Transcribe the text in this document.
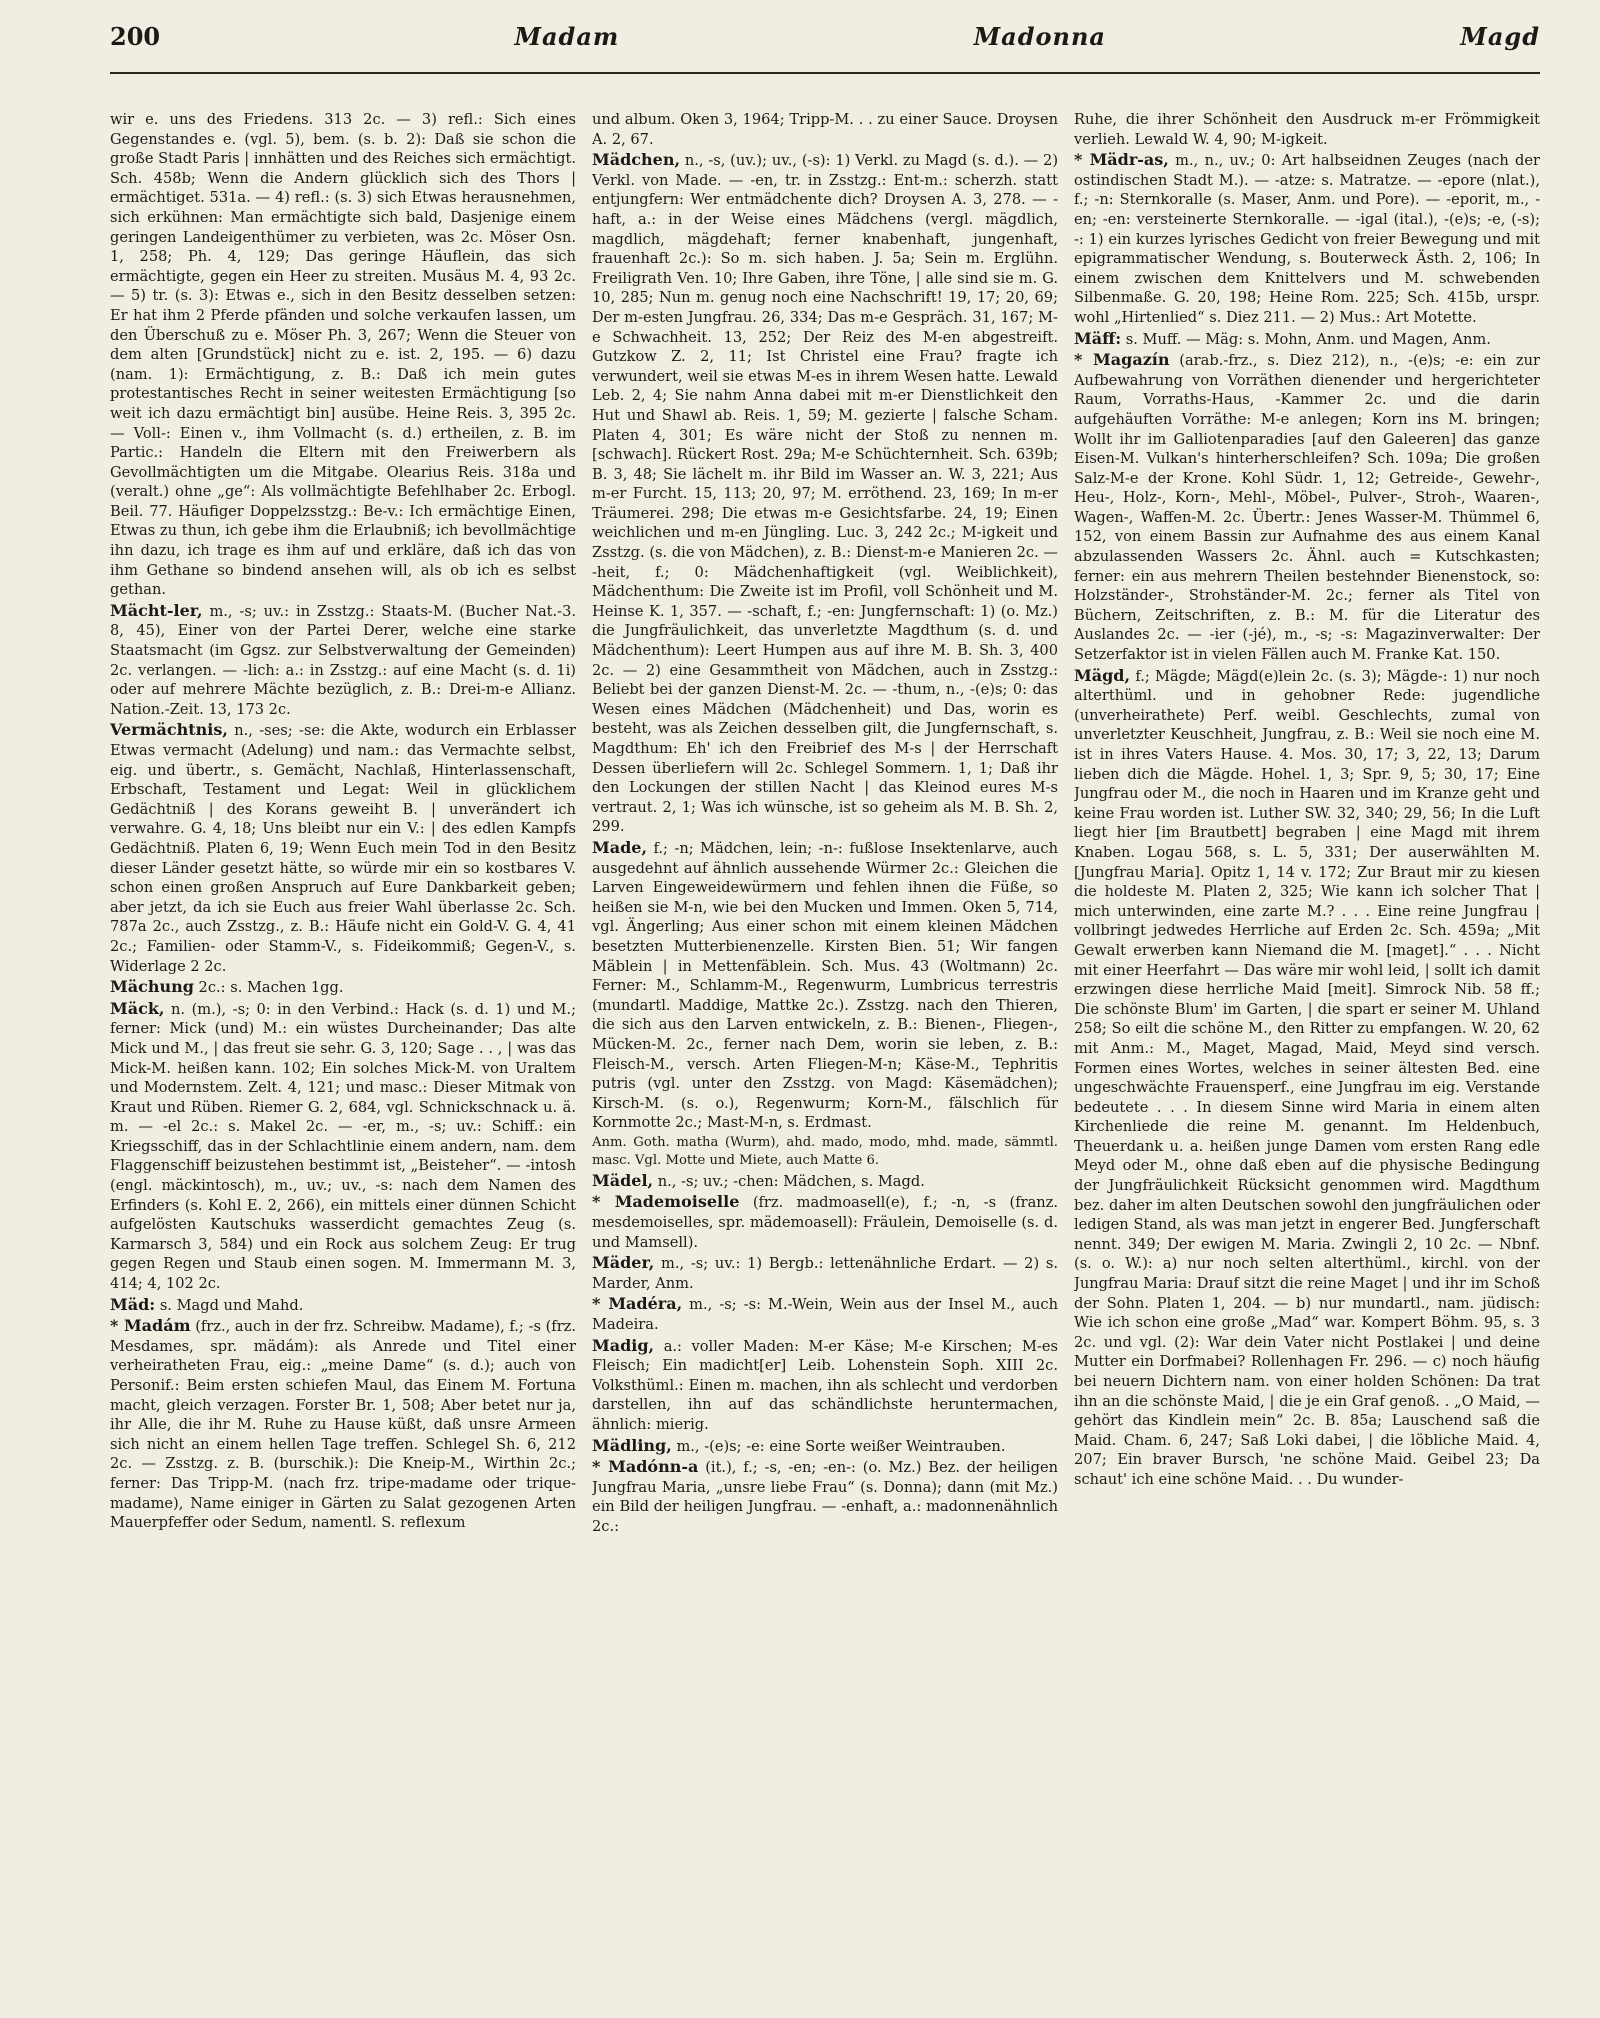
200	Madam	Madonna	Magd

wir e. uns des Friedens. 313 2c. — 3) refl.: Sich eines Gegenstandes e. (vgl. 5), bem. (s. b. 2): Daß sie schon die große Stadt Paris | innhätten und des Reiches sich ermächtigt. Sch. 458b; Wenn die Andern glücklich sich des Thors | ermächtiget. 531a. — 4) refl.: (s. 3) sich Etwas herausnehmen, sich erkühnen: Man ermächtigte sich bald, Dasjenige einem geringen Landeigenthümer zu verbieten, was 2c. Möser Osn. 1, 258; Ph. 4, 129; Das geringe Häuflein, das sich ermächtigte, gegen ein Heer zu streiten. Musäus M. 4, 93 2c. — 5) tr. (s. 3): Etwas e., sich in den Besitz desselben setzen: Er hat ihm 2 Pferde pfänden und solche verkaufen lassen, um den Überschuß zu e. Möser Ph. 3, 267; Wenn die Steuer von dem alten [Grundstück] nicht zu e. ist. 2, 195. — 6) dazu (nam. 1): Ermächtigung, z. B.: Daß ich mein gutes protestantisches Recht in seiner weitesten Ermächtigung [so weit ich dazu ermächtigt bin] ausübe. Heine Reis. 3, 395 2c. — Voll-: Einen v., ihm Vollmacht (s. d.) ertheilen, z. B. im Partic.: Handeln die Eltern mit den Freiwerbern als Gevollmächtigten um die Mitgabe. Olearius Reis. 318a und (veralt.) ohne „ge“: Als vollmächtigte Befehlhaber 2c. Erbogl. Beil. 77. Häufiger Doppelzsstzg.: Be-v.: Ich ermächtige Einen, Etwas zu thun, ich gebe ihm die Erlaubniß; ich bevollmächtige ihn dazu, ich trage es ihm auf und erkläre, daß ich das von ihm Gethane so bindend ansehen will, als ob ich es selbst gethan.

Mächt-ler, m., -s; uv.: in Zsstzg.: Staats-M. (Bucher Nat.-3. 8, 45), Einer von der Partei Derer, welche eine starke Staatsmacht (im Ggsz. zur Selbstverwaltung der Gemeinden) 2c. verlangen. — -lich: a.: in Zsstzg.: auf eine Macht (s. d. 1i) oder auf mehrere Mächte bezüglich, z. B.: Drei-m-e Allianz. Nation.-Zeit. 13, 173 2c.

Vermächtnis, n., -ses; -se: die Akte, wodurch ein Erblasser Etwas vermacht (Adelung) und nam.: das Vermachte selbst, eig. und übertr., s. Gemächt, Nachlaß, Hinterlassenschaft, Erbschaft, Testament und Legat: Weil in glücklichem Gedächtniß | des Korans geweiht B. | unverändert ich verwahre. G. 4, 18; Uns bleibt nur ein V.: | des edlen Kampfs Gedächtniß. Platen 6, 19; Wenn Euch mein Tod in den Besitz dieser Länder gesetzt hätte, so würde mir ein so kostbares V. schon einen großen Anspruch auf Eure Dankbarkeit geben; aber jetzt, da ich sie Euch aus freier Wahl überlasse 2c. Sch. 787a 2c., auch Zsstzg., z. B.: Häufe nicht ein Gold-V. G. 4, 41 2c.; Familien- oder Stamm-V., s. Fideikommiß; Gegen-V., s. Widerlage 2 2c.

Mächung 2c.: s. Machen 1gg.

Mäck, n. (m.), -s; 0: in den Verbind.: Hack (s. d. 1) und M.; ferner: Mick (und) M.: ein wüstes Durcheinander; Das alte Mick und M., | das freut sie sehr. G. 3, 120; Sage . . , | was das Mick-M. heißen kann. 102; Ein solches Mick-M. von Uraltem und Modernstem. Zelt. 4, 121; und masc.: Dieser Mitmak von Kraut und Rüben. Riemer G. 2, 684, vgl. Schnickschnack u. ä. m. — -el 2c.: s. Makel 2c. — -er, m., -s; uv.: Schiff.: ein Kriegsschiff, das in der Schlachtlinie einem andern, nam. dem Flaggenschiff beizustehen bestimmt ist, „Beisteher“. — -intosh (engl. mäckintosch), m., uv.; uv., -s: nach dem Namen des Erfinders (s. Kohl E. 2, 266), ein mittels einer dünnen Schicht aufgelösten Kautschuks wasserdicht gemachtes Zeug (s. Karmarsch 3, 584) und ein Rock aus solchem Zeug: Er trug gegen Regen und Staub einen sogen. M. Immermann M. 3, 414; 4, 102 2c.

Mäd: s. Magd und Mahd.

* Madám (frz., auch in der frz. Schreibw. Madame), f.; -s (frz. Mesdames, spr. mädám): als Anrede und Titel einer verheiratheten Frau, eig.: „meine Dame“ (s. d.); auch von Personif.: Beim ersten schiefen Maul, das Einem M. Fortuna macht, gleich verzagen. Forster Br. 1, 508; Aber betet nur ja, ihr Alle, die ihr M. Ruhe zu Hause küßt, daß unsre Armeen sich nicht an einem hellen Tage treffen. Schlegel Sh. 6, 212 2c. — Zsstzg. z. B. (burschik.): Die Kneip-M., Wirthin 2c.; ferner: Das Tripp-M. (nach frz. tripe-madame oder trique-madame), Name einiger in Gärten zu Salat gezogenen Arten Mauerpfeffer oder Sedum, namentl. S. reflexum

und album. Oken 3, 1964; Tripp-M. . . zu einer Sauce. Droysen A. 2, 67.

Mädchen, n., -s, (uv.); uv., (-s): 1) Verkl. zu Magd (s. d.). — 2) Verkl. von Made. — -en, tr. in Zsstzg.: Ent-m.: scherzh. statt entjungfern: Wer entmädchente dich? Droysen A. 3, 278. — -haft, a.: in der Weise eines Mädchens (vergl. mägdlich, magdlich, mägdehaft; ferner knabenhaft, jungenhaft, frauenhaft 2c.): So m. sich haben. J. 5a; Sein m. Erglühn. Freiligrath Ven. 10; Ihre Gaben, ihre Töne, | alle sind sie m. G. 10, 285; Nun m. genug noch eine Nachschrift! 19, 17; 20, 69; Der m-esten Jungfrau. 26, 334; Das m-e Gespräch. 31, 167; M-e Schwachheit. 13, 252; Der Reiz des M-en abgestreift. Gutzkow Z. 2, 11; Ist Christel eine Frau? fragte ich verwundert, weil sie etwas M-es in ihrem Wesen hatte. Lewald Leb. 2, 4; Sie nahm Anna dabei mit m-er Dienstlichkeit den Hut und Shawl ab. Reis. 1, 59; M. gezierte | falsche Scham. Platen 4, 301; Es wäre nicht der Stoß zu nennen m. [schwach]. Rückert Rost. 29a; M-e Schüchternheit. Sch. 639b; B. 3, 48; Sie lächelt m. ihr Bild im Wasser an. W. 3, 221; Aus m-er Furcht. 15, 113; 20, 97; M. erröthend. 23, 169; In m-er Träumerei. 298; Die etwas m-e Gesichtsfarbe. 24, 19; Einen weichlichen und m-en Jüngling. Luc. 3, 242 2c.; M-igkeit und Zsstzg. (s. die von Mädchen), z. B.: Dienst-m-e Manieren 2c. — -heit, f.; 0: Mädchenhaftigkeit (vgl. Weiblichkeit), Mädchenthum: Die Zweite ist im Profil, voll Schönheit und M. Heinse K. 1, 357. — -schaft, f.; -en: Jungfernschaft: 1) (o. Mz.) die Jungfräulichkeit, das unverletzte Magdthum (s. d. und Mädchenthum): Leert Humpen aus auf ihre M. B. Sh. 3, 400 2c. — 2) eine Gesammtheit von Mädchen, auch in Zsstzg.: Beliebt bei der ganzen Dienst-M. 2c. — -thum, n., -(e)s; 0: das Wesen eines Mädchen (Mädchenheit) und Das, worin es besteht, was als Zeichen desselben gilt, die Jungfernschaft, s. Magdthum: Eh' ich den Freibrief des M-s | der Herrschaft Dessen überliefern will 2c. Schlegel Sommern. 1, 1; Daß ihr den Lockungen der stillen Nacht | das Kleinod eures M-s vertraut. 2, 1; Was ich wünsche, ist so geheim als M. B. Sh. 2, 299.

Made, f.; -n; Mädchen, lein; -n-: fußlose Insektenlarve, auch ausgedehnt auf ähnlich aussehende Würmer 2c.: Gleichen die Larven Eingeweidewürmern und fehlen ihnen die Füße, so heißen sie M-n, wie bei den Mucken und Immen. Oken 5, 714, vgl. Ängerling; Aus einer schon mit einem kleinen Mädchen besetzten Mutterbienenzelle. Kirsten Bien. 51; Wir fangen Mäblein | in Mettenfäblein. Sch. Mus. 43 (Woltmann) 2c. Ferner: M., Schlamm-M., Regenwurm, Lumbricus terrestris (mundartl. Maddige, Mattke 2c.). Zsstzg. nach den Thieren, die sich aus den Larven entwickeln, z. B.: Bienen-, Fliegen-, Mücken-M. 2c., ferner nach Dem, worin sie leben, z. B.: Fleisch-M., versch. Arten Fliegen-M-n; Käse-M., Tephritis putris (vgl. unter den Zsstzg. von Magd: Käsemädchen); Kirsch-M. (s. o.), Regenwurm; Korn-M., fälschlich für Kornmotte 2c.; Mast-M-n, s. Erdmast.

Anm. Goth. matha (Wurm), ahd. mado, modo, mhd. made, sämmtl. masc. Vgl. Motte und Miete, auch Matte 6.

Mädel, n., -s; uv.; -chen: Mädchen, s. Magd.

* Mademoiselle (frz. madmoasell(e), f.; -n, -s (franz. mesdemoiselles, spr. mädemoasell): Fräulein, Demoiselle (s. d. und Mamsell).

Mäder, m., -s; uv.: 1) Bergb.: lettenähnliche Erdart. — 2) s. Marder, Anm.

* Madéra, m., -s; -s: M.-Wein, Wein aus der Insel M., auch Madeira.

Madig, a.: voller Maden: M-er Käse; M-e Kirschen; M-es Fleisch; Ein madicht[er] Leib. Lohenstein Soph. XIII 2c. Volksthüml.: Einen m. machen, ihn als schlecht und verdorben darstellen, ihn auf das schändlichste heruntermachen, ähnlich: mierig.

Mädling, m., -(e)s; -e: eine Sorte weißer Weintrauben.

* Madónn-a (it.), f.; -s, -en; -en-: (o. Mz.) Bez. der heiligen Jungfrau Maria, „unsre liebe Frau“ (s. Donna); dann (mit Mz.) ein Bild der heiligen Jungfrau. — -enhaft, a.: madonnenähnlich 2c.:

Ruhe, die ihrer Schönheit den Ausdruck m-er Frömmigkeit verlieh. Lewald W. 4, 90; M-igkeit.

* Mädr-as, m., n., uv.; 0: Art halbseidnen Zeuges (nach der ostindischen Stadt M.). — -atze: s. Matratze. — -epore (nlat.), f.; -n: Sternkoralle (s. Maser, Anm. und Pore). — -eporit, m., -en; -en: versteinerte Sternkoralle. — -igal (ital.), -(e)s; -e, (-s); -: 1) ein kurzes lyrisches Gedicht von freier Bewegung und mit epigrammatischer Wendung, s. Bouterweck Ästh. 2, 106; In einem zwischen dem Knittelvers und M. schwebenden Silbenmaße. G. 20, 198; Heine Rom. 225; Sch. 415b, urspr. wohl „Hirtenlied“ s. Diez 211. — 2) Mus.: Art Motette.

Mäff: s. Muff. — Mäg: s. Mohn, Anm. und Magen, Anm.

* Magazín (arab.-frz., s. Diez 212), n., -(e)s; -e: ein zur Aufbewahrung von Vorräthen dienender und hergerichteter Raum, Vorraths-Haus, -Kammer 2c. und die darin aufgehäuften Vorräthe: M-e anlegen; Korn ins M. bringen; Wollt ihr im Galliotenparadies [auf den Galeeren] das ganze Eisen-M. Vulkan's hinterherschleifen? Sch. 109a; Die großen Salz-M-e der Krone. Kohl Südr. 1, 12; Getreide-, Gewehr-, Heu-, Holz-, Korn-, Mehl-, Möbel-, Pulver-, Stroh-, Waaren-, Wagen-, Waffen-M. 2c. Übertr.: Jenes Wasser-M. Thümmel 6, 152, von einem Bassin zur Aufnahme des aus einem Kanal abzulassenden Wassers 2c. Ähnl. auch = Kutschkasten; ferner: ein aus mehrern Theilen bestehnder Bienenstock, so: Holzständer-, Strohständer-M. 2c.; ferner als Titel von Büchern, Zeitschriften, z. B.: M. für die Literatur des Auslandes 2c. — -ier (-jé), m., -s; -s: Magazinverwalter: Der Setzerfaktor ist in vielen Fällen auch M. Franke Kat. 150.

Mägd, f.; Mägde; Mägd(e)lein 2c. (s. 3); Mägde-: 1) nur noch alterthüml. und in gehobner Rede: jugendliche (unverheirathete) Perf. weibl. Geschlechts, zumal von unverletzter Keuschheit, Jungfrau, z. B.: Weil sie noch eine M. ist in ihres Vaters Hause. 4. Mos. 30, 17; 3, 22, 13; Darum lieben dich die Mägde. Hohel. 1, 3; Spr. 9, 5; 30, 17; Eine Jungfrau oder M., die noch in Haaren und im Kranze geht und keine Frau worden ist. Luther SW. 32, 340; 29, 56; In die Luft liegt hier [im Brautbett] begraben | eine Magd mit ihrem Knaben. Logau 568, s. L. 5, 331; Der auserwählten M. [Jungfrau Maria]. Opitz 1, 14 v. 172; Zur Braut mir zu kiesen die holdeste M. Platen 2, 325; Wie kann ich solcher That | mich unterwinden, eine zarte M.? . . . Eine reine Jungfrau | vollbringt jedwedes Herrliche auf Erden 2c. Sch. 459a; „Mit Gewalt erwerben kann Niemand die M. [maget].“ . . . Nicht mit einer Heerfahrt — Das wäre mir wohl leid, | sollt ich damit erzwingen diese herrliche Maid [meit]. Simrock Nib. 58 ff.; Die schönste Blum' im Garten, | die spart er seiner M. Uhland 258; So eilt die schöne M., den Ritter zu empfangen. W. 20, 62 mit Anm.: M., Maget, Magad, Maid, Meyd sind versch. Formen eines Wortes, welches in seiner ältesten Bed. eine ungeschwächte Frauensperf., eine Jungfrau im eig. Verstande bedeutete . . . In diesem Sinne wird Maria in einem alten Kirchenliede die reine M. genannt. Im Heldenbuch, Theuerdank u. a. heißen junge Damen vom ersten Rang edle Meyd oder M., ohne daß eben auf die physische Bedingung der Jungfräulichkeit Rücksicht genommen wird. Magdthum bez. daher im alten Deutschen sowohl den jungfräulichen oder ledigen Stand, als was man jetzt in engerer Bed. Jungferschaft nennt. 349; Der ewigen M. Maria. Zwingli 2, 10 2c. — Nbnf. (s. o. W.): a) nur noch selten alterthüml., kirchl. von der Jungfrau Maria: Drauf sitzt die reine Maget | und ihr im Schoß der Sohn. Platen 1, 204. — b) nur mundartl., nam. jüdisch: Wie ich schon eine große „Mad“ war. Kompert Böhm. 95, s. 3 2c. und vgl. (2): War dein Vater nicht Postlakei | und deine Mutter ein Dorfmabei? Rollenhagen Fr. 296. — c) noch häufig bei neuern Dichtern nam. von einer holden Schönen: Da trat ihn an die schönste Maid, | die je ein Graf genoß. . „O Maid, — gehört das Kindlein mein“ 2c. B. 85a; Lauschend saß die Maid. Cham. 6, 247; Saß Loki dabei, | die löbliche Maid. 4, 207; Ein braver Bursch, 'ne schöne Maid. Geibel 23; Da schaut' ich eine schöne Maid. . . Du wunder-
